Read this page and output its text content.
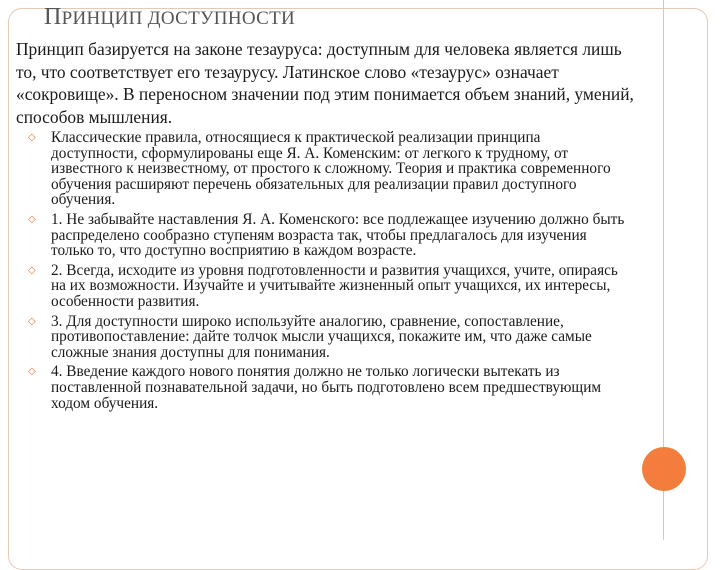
ПРИНЦИП ДОСТУПНОСТИ
Принцип базируется на законе тезауруса: доступным для человека является лишь то, что соответствует его тезаурусу. Латинское слово «тезаурус» означает «сокровище». В переносном значении под этим понимается объем знаний, умений, способов мышления.
◇ Классические правила, относящиеся к практической реализации принципа доступности, сформулированы еще Я. А. Коменским: от легкого к трудному, от известного к неизвестному, от простого к сложному. Теория и практика современного обучения расширяют перечень обязательных для реализации правил доступного обучения.
◇ 1. Не забывайте наставления Я. А. Коменского: все подлежащее изучению должно быть распределено сообразно ступеням возраста так, чтобы предлагалось для изучения только то, что доступно восприятию в каждом возрасте.
◇ 2. Всегда, исходите из уровня подготовленности и развития учащихся, учите, опираясь на их возможности. Изучайте и учитывайте жизненный опыт учащихся, их интересы, особенности развития.
◇ 3. Для доступности широко используйте аналогию, сравнение, сопоставление, противопоставление: дайте толчок мысли учащихся, покажите им, что даже самые сложные знания доступны для понимания.
◇ 4. Введение каждого нового понятия должно не только логически вытекать из поставленной познавательной задачи, но быть подготовлено всем предшествующим ходом обучения.
